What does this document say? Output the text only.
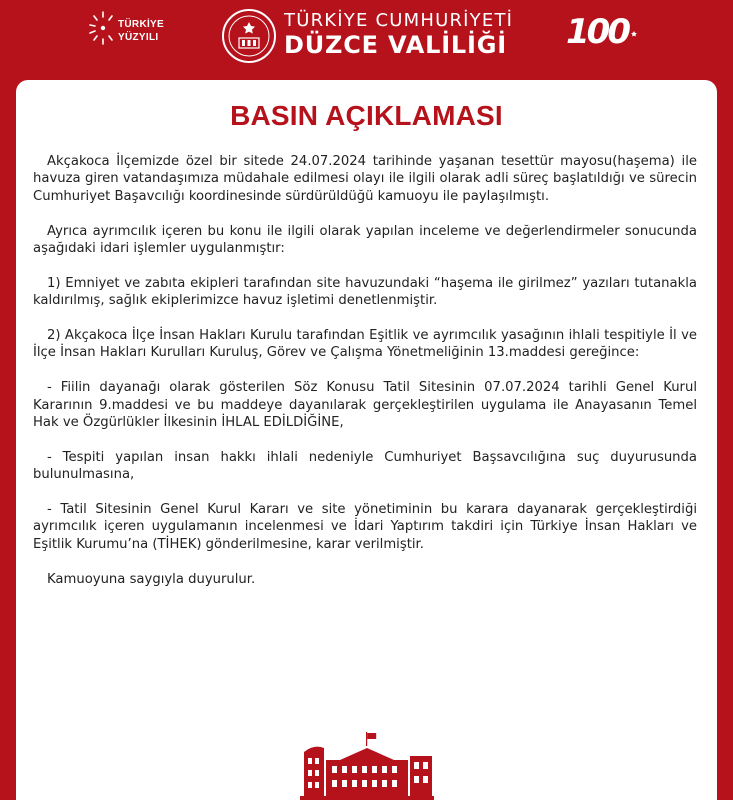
TÜRKİYE
YÜZYILI
TÜRKİYE CUMHURİYETİ
DÜZCE VALİLİĞİ 100
BASIN AÇIKLAMASI

Akçakoca İlçemizde özel bir sitede 24.07.2024 tarihinde yaşanan tesettür mayosu(haşema) ile havuza giren vatandaşımıza müdahale edilmesi olayı ile ilgili olarak adli süreç başlatıldığı ve sürecin Cumhuriyet Başavcılığı koordinesinde sürdürüldüğü kamuoyu ile paylaşılmıştı.

Ayrıca ayrımcılık içeren bu konu ile ilgili olarak yapılan inceleme ve değerlendirmeler sonucunda aşağıdaki idari işlemler uygulanmıştır:

1) Emniyet ve zabıta ekipleri tarafından site havuzundaki “haşema ile girilmez” yazıları tutanakla kaldırılmış, sağlık ekiplerimizce havuz işletimi denetlenmiştir.

2) Akçakoca İlçe İnsan Hakları Kurulu tarafından Eşitlik ve ayrımcılık yasağının ihlali tespitiyle İl ve İlçe İnsan Hakları Kurulları Kuruluş, Görev ve Çalışma Yönetmeliğinin 13.maddesi gereğince:

- Fiilin dayanağı olarak gösterilen Söz Konusu Tatil Sitesinin 07.07.2024 tarihli Genel Kurul Kararının 9.maddesi ve bu maddeye dayanılarak gerçekleştirilen uygulama ile Anayasanın Temel Hak ve Özgürlükler İlkesinin İHLAL EDİLDİĞİNE,

- Tespiti yapılan insan hakkı ihlali nedeniyle Cumhuriyet Başsavcılığına suç duyurusunda bulunulmasına,

- Tatil Sitesinin Genel Kurul Kararı ve site yönetiminin bu karara dayanarak gerçekleştirdiği ayrımcılık içeren uygulamanın incelenmesi ve İdari Yaptırım takdiri için Türkiye İnsan Hakları ve Eşitlik Kurumu’na (TİHEK) gönderilmesine, karar verilmiştir.

Kamuoyuna saygıyla duyurulur.
